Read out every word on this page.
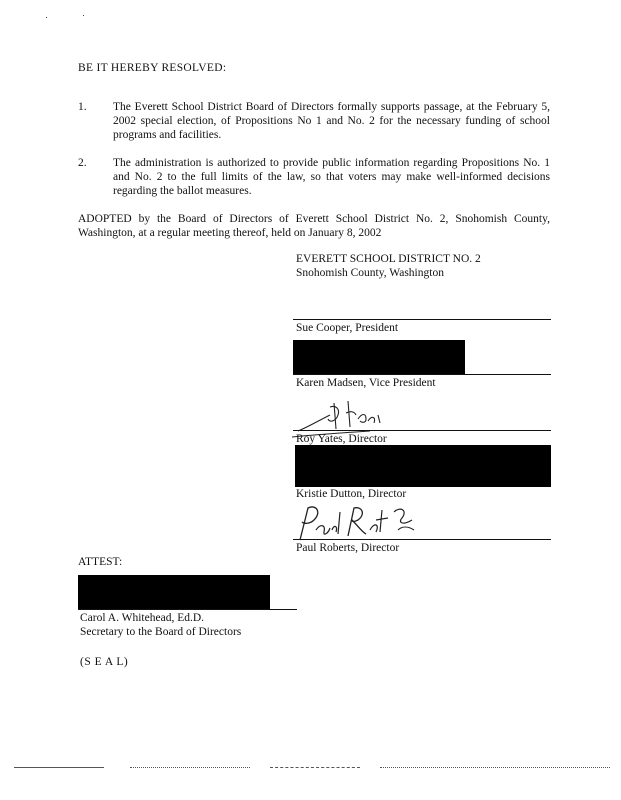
BE IT HEREBY RESOLVED:
1. The Everett School District Board of Directors formally supports passage, at the February 5, 2002 special election, of Propositions No 1 and No. 2 for the necessary funding of school programs and facilities.
2. The administration is authorized to provide public information regarding Propositions No. 1 and No. 2 to the full limits of the law, so that voters may make well-informed decisions regarding the ballot measures.
ADOPTED by the Board of Directors of Everett School District No. 2, Snohomish County, Washington, at a regular meeting thereof, held on January 8, 2002
EVERETT SCHOOL DISTRICT NO. 2
Snohomish County, Washington
Sue Cooper, President
Karen Madsen, Vice President
Roy Yates, Director
Kristie Dutton, Director
Paul Roberts, Director
ATTEST:
Carol A. Whitehead, Ed.D.
Secretary to the Board of Directors
(S E A L)
